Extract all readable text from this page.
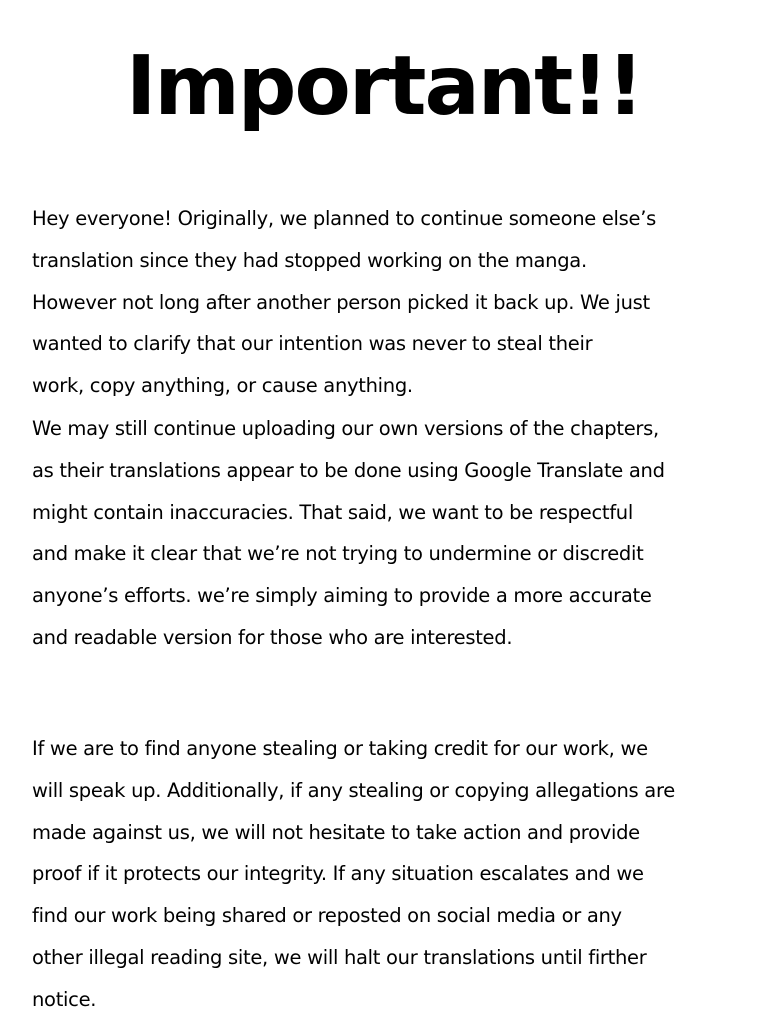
Important!!

Hey everyone! Originally, we planned to continue someone else’s
translation since they had stopped working on the manga.
However not long after another person picked it back up. We just
wanted to clarify that our intention was never to steal their
work, copy anything, or cause anything.

We may still continue uploading our own versions of the chapters,
as their translations appear to be done using Google Translate and
might contain inaccuracies. That said, we want to be respectful
and make it clear that we’re not trying to undermine or discredit
anyone’s efforts. we’re simply aiming to provide a more accurate
and readable version for those who are interested.

If we are to find anyone stealing or taking credit for our work, we
will speak up. Additionally, if any stealing or copying allegations are
made against us, we will not hesitate to take action and provide
proof if it protects our integrity. If any situation escalates and we
find our work being shared or reposted on social media or any
other illegal reading site, we will halt our translations until firther
notice.
